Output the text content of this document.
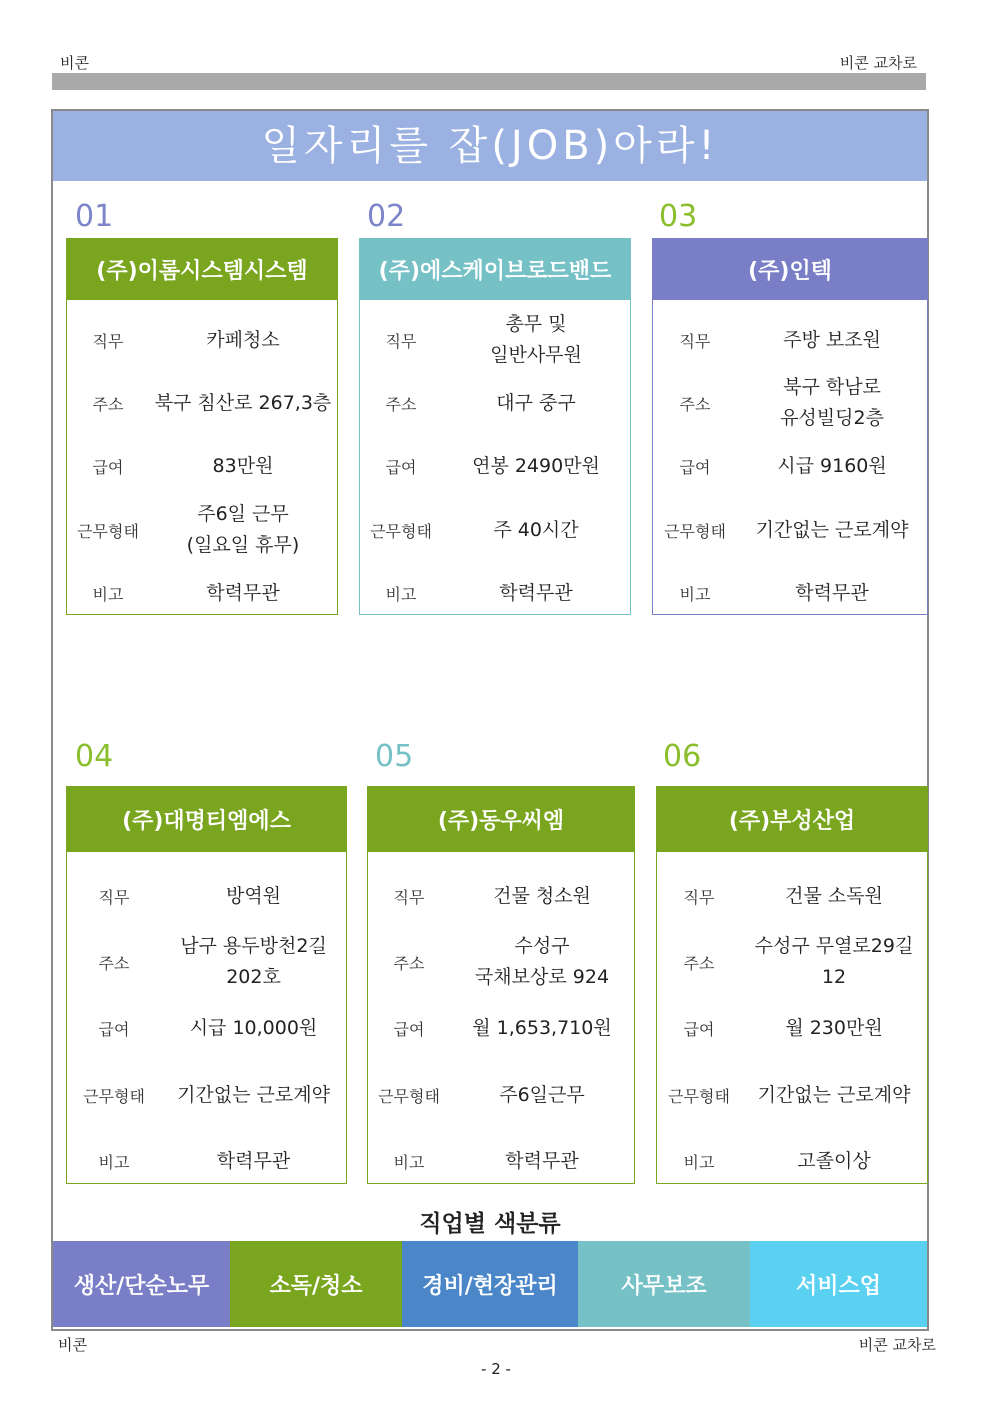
비콘	비콘 교차로
일자리를 잡(JOB)아라!
01
(주)이롬시스템시스템
직무	카페청소
주소	북구 침산로 267,3층
급여	83만원
근무형태
주6일 근무
(일요일 휴무)
비고	학력무관
02
(주)에스케이브로드밴드
직무
총무 및
일반사무원
주소	대구 중구
급여	연봉 2490만원
근무형태	주 40시간
비고	학력무관
03
(주)인텍
직무	주방 보조원
주소
북구 학남로
유성빌딩2층
급여	시급 9160원
근무형태	기간없는 근로계약
비고	학력무관
04
(주)대명티엠에스
직무	방역원
주소
남구 용두방천2길
202호
급여	시급 10,000원
근무형태	기간없는 근로계약
비고	학력무관
05
(주)동우씨엠
직무	건물 청소원
주소
수성구
국채보상로 924
급여	월 1,653,710원
근무형태	주6일근무
비고	학력무관
06
(주)부성산업
직무	건물 소독원
주소
수성구 무열로29길
12
급여	월 230만원
근무형태	기간없는 근로계약
비고	고졸이상
직업별 색분류
생산/단순노무	소독/청소	경비/현장관리	사무보조	서비스업
비콘	비콘 교차로
- 2 -
